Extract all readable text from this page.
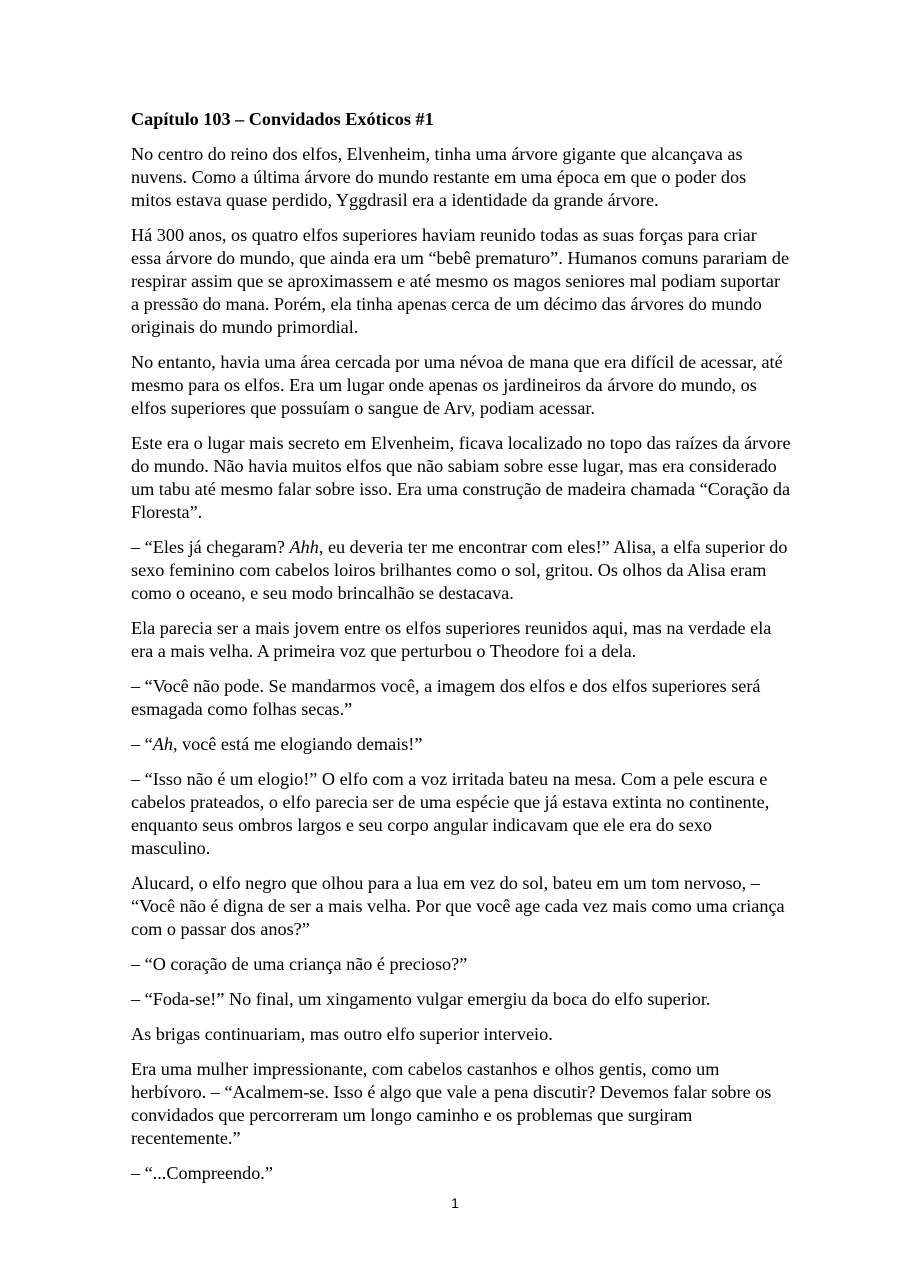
Capítulo 103 – Convidados Exóticos #1

No centro do reino dos elfos, Elvenheim, tinha uma árvore gigante que alcançava as nuvens. Como a última árvore do mundo restante em uma época em que o poder dos mitos estava quase perdido, Yggdrasil era a identidade da grande árvore.

Há 300 anos, os quatro elfos superiores haviam reunido todas as suas forças para criar essa árvore do mundo, que ainda era um “bebê prematuro”. Humanos comuns parariam de respirar assim que se aproximassem e até mesmo os magos seniores mal podiam suportar a pressão do mana. Porém, ela tinha apenas cerca de um décimo das árvores do mundo originais do mundo primordial.

No entanto, havia uma área cercada por uma névoa de mana que era difícil de acessar, até mesmo para os elfos. Era um lugar onde apenas os jardineiros da árvore do mundo, os elfos superiores que possuíam o sangue de Arv, podiam acessar.

Este era o lugar mais secreto em Elvenheim, ficava localizado no topo das raízes da árvore do mundo. Não havia muitos elfos que não sabiam sobre esse lugar, mas era considerado um tabu até mesmo falar sobre isso. Era uma construção de madeira chamada “Coração da Floresta”.

– “Eles já chegaram? Ahh, eu deveria ter me encontrar com eles!” Alisa, a elfa superior do sexo feminino com cabelos loiros brilhantes como o sol, gritou. Os olhos da Alisa eram como o oceano, e seu modo brincalhão se destacava.

Ela parecia ser a mais jovem entre os elfos superiores reunidos aqui, mas na verdade ela era a mais velha. A primeira voz que perturbou o Theodore foi a dela.

– “Você não pode. Se mandarmos você, a imagem dos elfos e dos elfos superiores será esmagada como folhas secas.”

– “Ah, você está me elogiando demais!”

– “Isso não é um elogio!” O elfo com a voz irritada bateu na mesa. Com a pele escura e cabelos prateados, o elfo parecia ser de uma espécie que já estava extinta no continente, enquanto seus ombros largos e seu corpo angular indicavam que ele era do sexo masculino.

Alucard, o elfo negro que olhou para a lua em vez do sol, bateu em um tom nervoso, – “Você não é digna de ser a mais velha. Por que você age cada vez mais como uma criança com o passar dos anos?”

– “O coração de uma criança não é precioso?”

– “Foda-se!” No final, um xingamento vulgar emergiu da boca do elfo superior.

As brigas continuariam, mas outro elfo superior interveio.

Era uma mulher impressionante, com cabelos castanhos e olhos gentis, como um herbívoro. – “Acalmem-se. Isso é algo que vale a pena discutir? Devemos falar sobre os convidados que percorreram um longo caminho e os problemas que surgiram recentemente.”

– “...Compreendo.”

1
